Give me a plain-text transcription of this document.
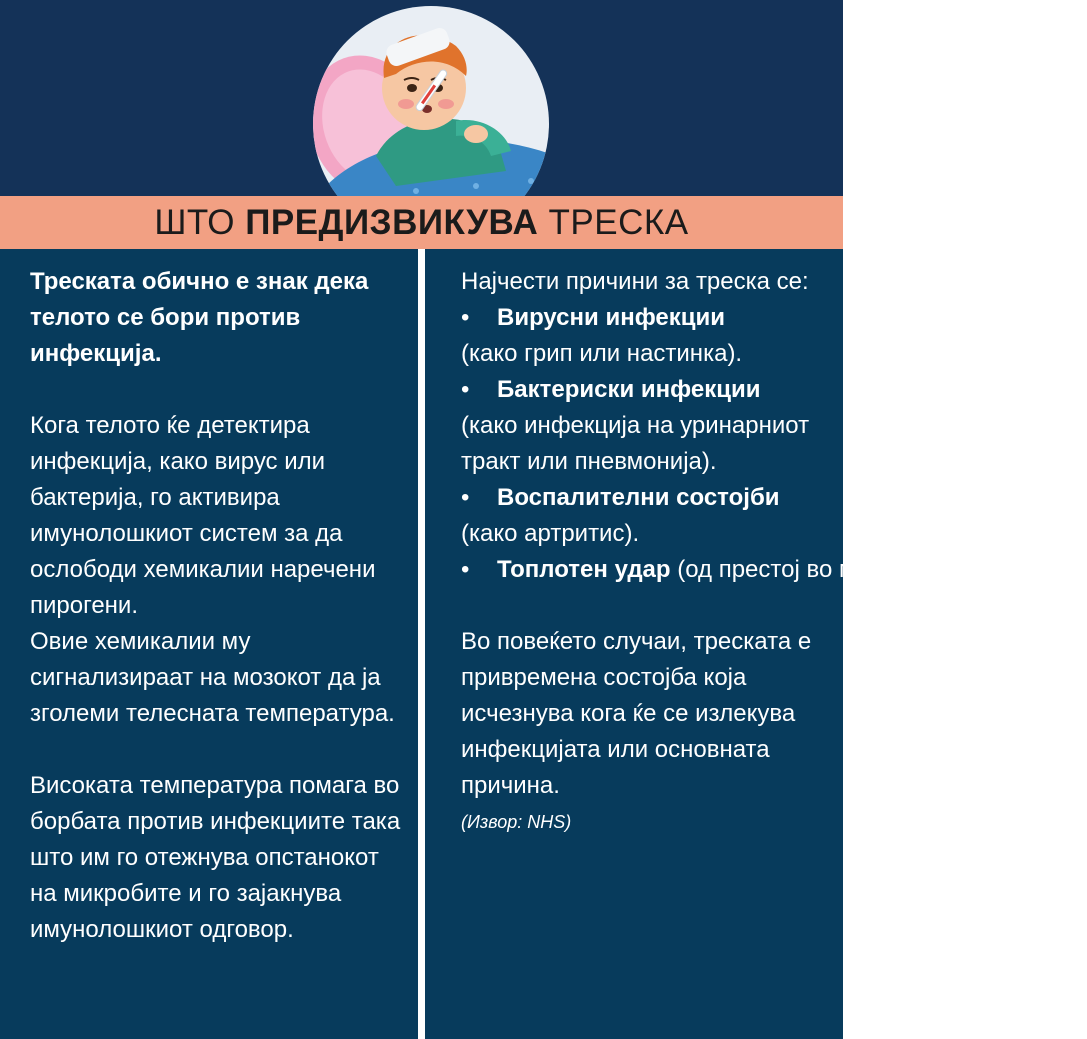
ШТО ПРЕДИЗВИКУВА ТРЕСКА

Треската обично е знак дека телото се бори против инфекција.

Кога телото ќе детектира инфекција, како вирус или бактерија, го активира имунолошкиот систем за да ослободи хемикалии наречени пирогени.

Овие хемикалии му сигнализираат на мозокот да ја зголеми телесната температура.

Високата температура помага во борбата против инфекциите така што им го отежнува опстанокот на микробите и го зајакнува имунолошкиот одговор.

Најчести причини за треска се:

•	Вирусни инфекции

(како грип или настинка).

•	Бактериски инфекции

(како инфекција на уринарниот тракт или пневмонија).

•	Воспалителни состојби

(како артритис).

•	Топлотен удар (од престој во многу топла средина).

Во повеќето случаи, треската е привремена состојба која исчезнува кога ќе се излекува инфекцијата или основната причина.

(Извор: NHS)
